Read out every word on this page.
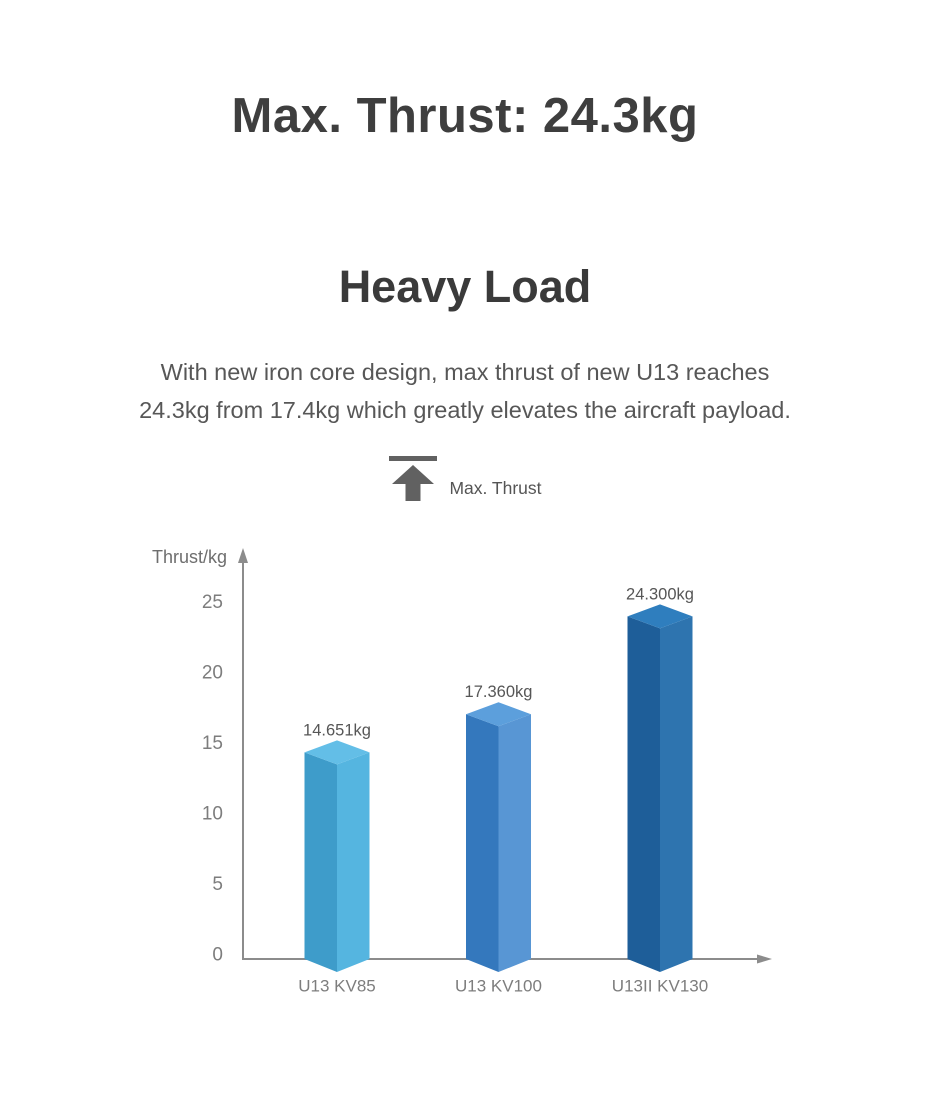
Max. Thrust: 24.3kg
Heavy Load

With new iron core design, max thrust of new U13 reaches
24.3kg from 17.4kg which greatly elevates the aircraft payload.

Max. Thrust
Thrust/kg
0
5
10
15
20
25
14.651kg
U13 KV85
17.360kg
U13 KV100
24.300kg
U13II KV130
